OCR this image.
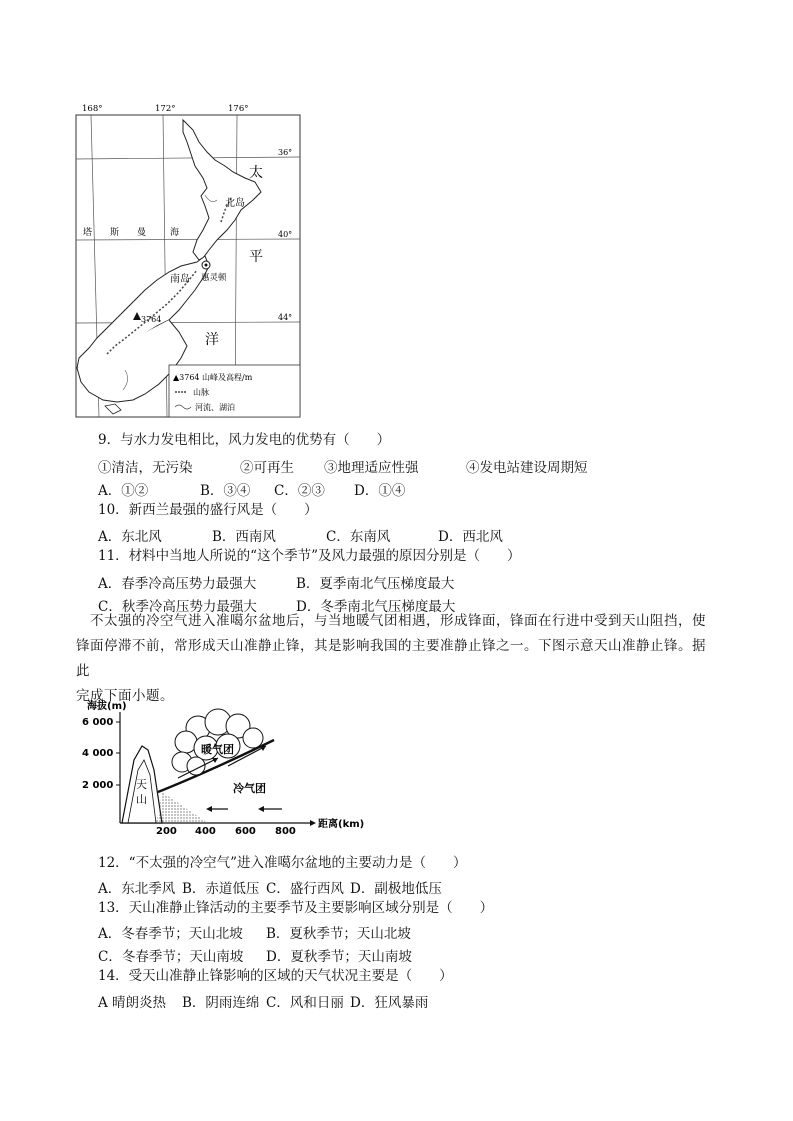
168°	172°	176°
36°
40°
44°
3764
惠灵顿
北岛
南岛
塔 斯 曼	海
太
平
洋
▲3764 山峰及高程/m
山脉
河流、湖泊
9．与水力发电相比，风力发电的优势有（　　）
①清洁，无污染	②可再生 ③地理适应性强	④发电站建设周期短
A．①②	B．③④ C．②③ D．①④
10．新西兰最强的盛行风是（　　）
A．东北风	B．西南风	C．东南风	D．西北风
11．材料中当地人所说的“这个季节”及风力最强的原因分别是（　　）
A．春季冷高压势力最强大	B．夏季南北气压梯度最大
C．秋季冷高压势力最强大	D．冬季南北气压梯度最大
　不太强的冷空气进入准噶尔盆地后，与当地暖气团相遇，形成锋面，锋面在行进中受到天山阻挡，使
锋面停滞不前，常形成天山准静止锋，其是影响我国的主要准静止锋之一。下图示意天山准静止锋。据此
完成下面小题。
海拔(m)
6 000
4 000
2 000
200 400 600 800
距离(km)
天
山
暖气团
冷气团
12．“不太强的冷空气”进入准噶尔盆地的主要动力是（　　）
A．东北季风 B．赤道低压 C．盛行西风 D．副极地低压
13．天山准静止锋活动的主要季节及主要影响区域分别是（　　）
A．冬春季节；天山北坡 B．夏秋季节；天山北坡
C．冬春季节；天山南坡 D．夏秋季节；天山南坡
14．受天山准静止锋影响的区域的天气状况主要是（　　）
A 晴朗炎热 B．阴雨连绵 C．风和日丽 D．狂风暴雨
